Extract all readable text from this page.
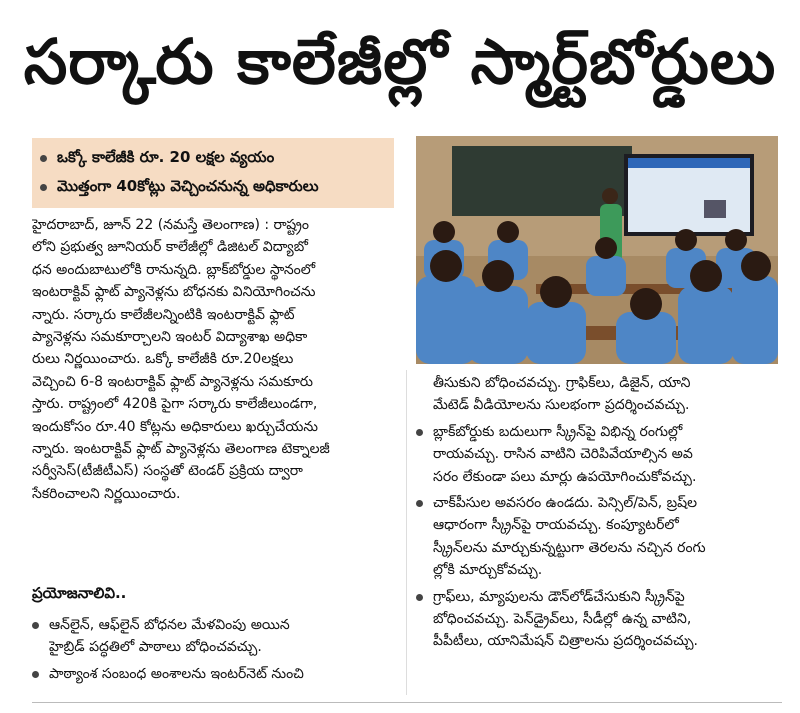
సర్కారు కాలేజీల్లో స్మార్ట్‌బోర్డులు
ఒక్కో కాలేజీకి రూ. 20 లక్షల వ్యయం
మొత్తంగా 40కోట్లు వెచ్చించనున్న అధికారులు
హైదరాబాద్, జూన్ 22 (నమస్తే తెలంగాణ) : రాష్ట్రం
లోని ప్రభుత్వ జూనియర్ కాలేజీల్లో డిజిటల్ విద్యాబో
ధన అందుబాటులోకి రానున్నది. బ్లాక్‌బోర్డుల స్థానంలో
ఇంటరాక్టివ్ ఫ్లాట్ ప్యానెళ్లను బోధనకు వినియోగించను
న్నారు. సర్కారు కాలేజీలన్నింటికి ఇంటరాక్టివ్ ఫ్లాట్
ప్యానెళ్లను సమకూర్చాలని ఇంటర్ విద్యాశాఖ అధికా
రులు నిర్ణయించారు. ఒక్కో కాలేజీకి రూ.20లక్షలు
వెచ్చించి 6-8 ఇంటరాక్టివ్ ఫ్లాట్ ప్యానెళ్లను సమకూరు
స్తారు. రాష్ట్రంలో 420కి పైగా సర్కారు కాలేజీలుండగా,
ఇందుకోసం రూ.40 కోట్లను అధికారులు ఖర్చుచేయను
న్నారు. ఇంటరాక్టివ్ ఫ్లాట్ ప్యానెళ్లను తెలంగాణ టెక్నాలజీ
సర్వీసెస్(టీజీటీఎస్) సంస్థతో టెండర్ ప్రక్రియ ద్వారా
సేకరించాలని నిర్ణయించారు.
ప్రయోజనాలివి..
ఆన్‌లైన్, ఆఫ్‌లైన్ బోధనల మేళవింపు అయిన
హైబ్రిడ్ పద్ధతిలో పాఠాలు బోధించవచ్చు.
పాఠ్యాంశ సంబంధ అంశాలను ఇంటర్‌నెట్ నుంచి
తీసుకుని బోధించవచ్చు. గ్రాఫిక్‌లు, డిజైన్, యాని
మేటెడ్ వీడియోలను సులభంగా ప్రదర్శించవచ్చు.
బ్లాక్‌బోర్డుకు బదులుగా స్క్రీన్‌పై విభిన్న రంగుల్లో
రాయవచ్చు. రాసిన వాటిని చెరిపివేయాల్సిన అవ
సరం లేకుండా పలు మార్లు ఉపయోగించుకోవచ్చు.
చాక్‌పీసుల అవసరం ఉండదు. పెన్సిల్/పెన్, బ్రష్‌ల
ఆధారంగా స్క్రీన్‌పై రాయవచ్చు. కంప్యూటర్‌లో
స్క్రీన్‌లను మార్చుకున్నట్టుగా తెరలను నచ్చిన రంగు
ల్లోకి మార్చుకోవచ్చు.
గ్రాఫ్‌లు, మ్యాపులను డౌన్‌లోడ్‌చేసుకుని స్క్రీన్‌పై
బోధించవచ్చు. పెన్‌డ్రైవ్‌లు, సీడీల్లో ఉన్న వాటిని,
పీపీటీలు, యానిమేషన్ చిత్రాలను ప్రదర్శించవచ్చు.
